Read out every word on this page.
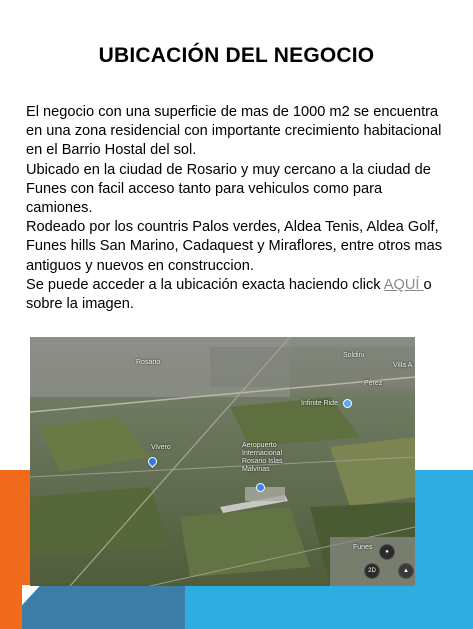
UBICACIÓN DEL NEGOCIO

El negocio con una superficie de mas de 1000 m2 se encuentra en una zona residencial con importante crecimiento habitacional en el Barrio Hostal del sol.

Ubicado en la ciudad de Rosario y muy cercano a la ciudad de Funes con facil acceso tanto para vehiculos como para camiones.

Rodeado por los countris Palos verdes, Aldea Tenis, Aldea Golf, Funes hills San Marino, Cadaquest y Miraflores, entre otros mas antiguos y nuevos en construccion.

Se puede acceder a la ubicación exacta haciendo click AQUÍ o sobre la imagen.

Rosario
Soldini
Villa A
Pérez
Infinite Ride
Vivero	Aeropuerto
Internacional
Rosario Islas
Malvinas
Funes
●
2D	▲
